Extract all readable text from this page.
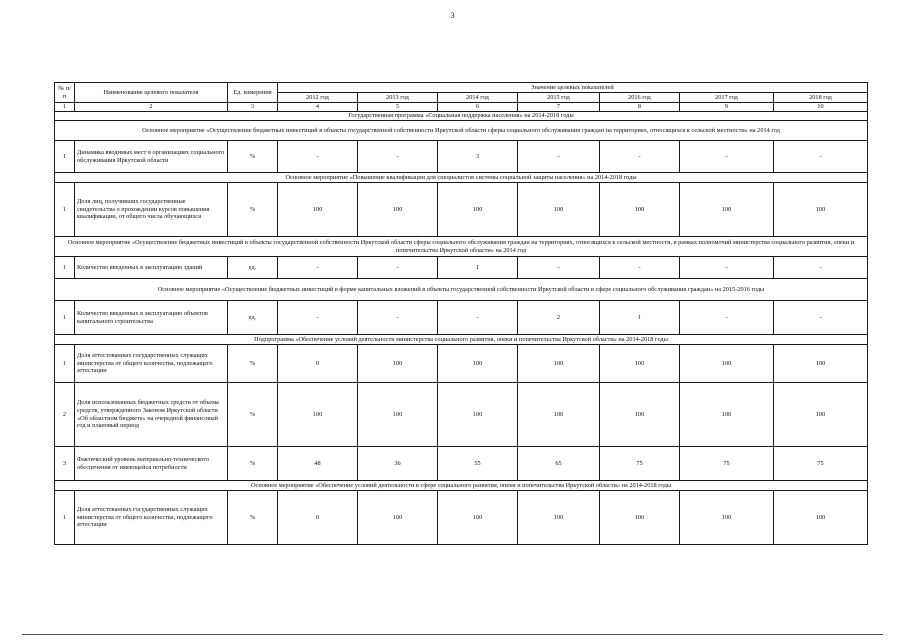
3
№ п/п	Наименование целевого показателя	Ед. измерения	Значение целевых показателей						
			2012 год	2013 год	2014 год	2015 год	2016 год	2017 год	2018 год
1	2	3	4	5	6	7	8	9	10
Государственная программа «Социальная поддержка населения» на 2014-2018 годы									
Основное мероприятие «Осуществление бюджетных инвестиций в объекты государственной собственности Иркутской области сферы социального обслуживания граждан на территориях, относящихся к сельской местности» на 2014 год									
1	Динамика вводимых мест в организациях социального обслуживания Иркутской области	%	-	-	3	-	-	-	-
Основное мероприятие «Повышение квалификации для специалистов системы социальной защиты населения» на 2014-2018 годы									
1	Доля лиц, получивших государственные свидетельства о прохождении курсов повышения квалификации, от общего числа обучающихся	%	100	100	100	100	100	100	100
Основное мероприятие «Осуществление бюджетных инвестиций в объекты государственной собственности Иркутской области сферы социального обслуживания граждан на территориях, относящихся к сельской местности, в рамках полномочий министерства социального развития, опеки и попечительства Иркутской области» на 2014 год									
1	Количество введенных в эксплуатацию зданий	ед.	-	-	1	-	-	-	-
Основное мероприятие «Осуществление бюджетных инвестиций в форме капитальных вложений в объекты государственной собственности Иркутской области в сфере социального обслуживания граждан» на 2015-2016 годы									
1	Количество введенных в эксплуатацию объектов капитального строительства	ед.	-	-	-	2	1	-	-
Подпрограмма «Обеспечение условий деятельности министерства социального развития, опеки и попечительства Иркутской области» на 2014-2018 годы									
1	Доля аттестованных государственных служащих министерства от общего количества, подлежащего аттестации	%	0	100	100	100	100	100	100
2	Доля использованных бюджетных средств от объема средств, утвержденного Законом Иркутской области «Об областном бюджете» на очередной финансовый год и плановый период	%	100	100	100	100	100	100	100
3	Фактический уровень материально-технического обеспечения от имеющейся потребности	%	48	36	55	65	75	75	75
Основное мероприятие «Обеспечение условий деятельности в сфере социального развития, опеки и попечительства Иркутской области» на 2014-2018 годы									
1	Доля аттестованных государственных служащих министерства от общего количества, подлежащего аттестации	%	0	100	100	100	100	100	100
